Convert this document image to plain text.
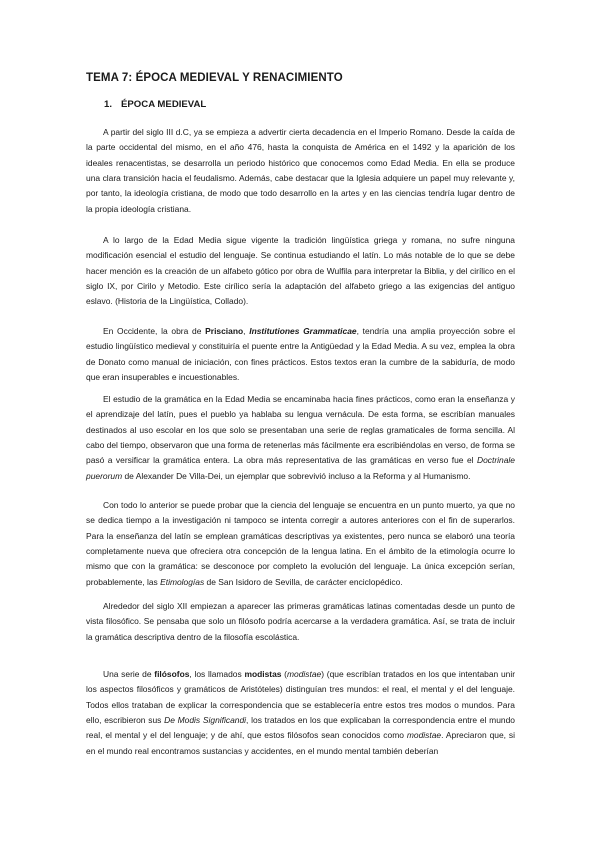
TEMA 7: ÉPOCA MEDIEVAL Y RENACIMIENTO
1. ÉPOCA MEDIEVAL

A partir del siglo III d.C, ya se empieza a advertir cierta decadencia en el Imperio Romano. Desde la caída de la parte occidental del mismo, en el año 476, hasta la conquista de América en el 1492 y la aparición de los ideales renacentistas, se desarrolla un periodo histórico que conocemos como Edad Media. En ella se produce una clara transición hacia el feudalismo. Además, cabe destacar que la Iglesia adquiere un papel muy relevante y, por tanto, la ideología cristiana, de modo que todo desarrollo en la artes y en las ciencias tendría lugar dentro de la propia ideología cristiana.

A lo largo de la Edad Media sigue vigente la tradición lingüística griega y romana, no sufre ninguna modificación esencial el estudio del lenguaje. Se continua estudiando el latín. Lo más notable de lo que se debe hacer mención es la creación de un alfabeto gótico por obra de Wulfila para interpretar la Biblia, y del cirílico en el siglo IX, por Cirilo y Metodio. Este cirílico sería la adaptación del alfabeto griego a las exigencias del antiguo eslavo. (Historia de la Lingüística, Collado).

En Occidente, la obra de Prisciano, Institutiones Grammaticae, tendría una amplia proyección sobre el estudio lingüístico medieval y constituiría el puente entre la Antigüedad y la Edad Media. A su vez, emplea la obra de Donato como manual de iniciación, con fines prácticos. Estos textos eran la cumbre de la sabiduría, de modo que eran insuperables e incuestionables.

El estudio de la gramática en la Edad Media se encaminaba hacia fines prácticos, como eran la enseñanza y el aprendizaje del latín, pues el pueblo ya hablaba su lengua vernácula. De esta forma, se escribían manuales destinados al uso escolar en los que solo se presentaban una serie de reglas gramaticales de forma sencilla. Al cabo del tiempo, observaron que una forma de retenerlas más fácilmente era escribiéndolas en verso, de forma se pasó a versificar la gramática entera. La obra más representativa de las gramáticas en verso fue el Doctrinale puerorum de Alexander De Villa-Dei, un ejemplar que sobrevivió incluso a la Reforma y al Humanismo.

Con todo lo anterior se puede probar que la ciencia del lenguaje se encuentra en un punto muerto, ya que no se dedica tiempo a la investigación ni tampoco se intenta corregir a autores anteriores con el fin de superarlos. Para la enseñanza del latín se emplean gramáticas descriptivas ya existentes, pero nunca se elaboró una teoría completamente nueva que ofreciera otra concepción de la lengua latina. En el ámbito de la etimología ocurre lo mismo que con la gramática: se desconoce por completo la evolución del lenguaje. La única excepción serían, probablemente, las Etimologías de San Isidoro de Sevilla, de carácter enciclopédico.

Alrededor del siglo XII empiezan a aparecer las primeras gramáticas latinas comentadas desde un punto de vista filosófico. Se pensaba que solo un filósofo podría acercarse a la verdadera gramática. Así, se trata de incluir la gramática descriptiva dentro de la filosofía escolástica.

Una serie de filósofos, los llamados modistas (modistae) (que escribían tratados en los que intentaban unir los aspectos filosóficos y gramáticos de Aristóteles) distinguían tres mundos: el real, el mental y el del lenguaje. Todos ellos trataban de explicar la correspondencia que se establecería entre estos tres modos o mundos. Para ello, escribieron sus De Modis Significandi, los tratados en los que explicaban la correspondencia entre el mundo real, el mental y el del lenguaje; y de ahí, que estos filósofos sean conocidos como modistae. Apreciaron que, si en el mundo real encontramos sustancias y accidentes, en el mundo mental también deberían
